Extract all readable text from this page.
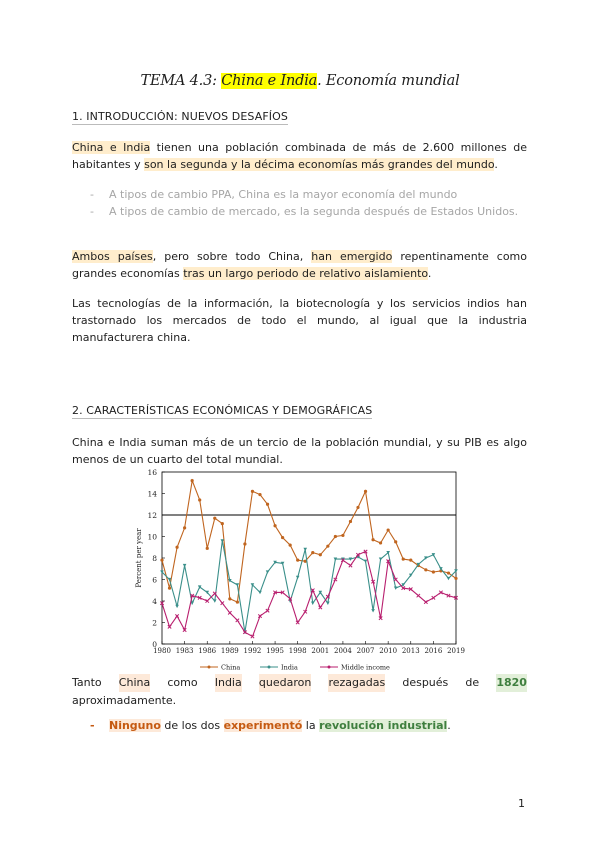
TEMA 4.3: China e India. Economía mundial
1. INTRODUCCIÓN: NUEVOS DESAFÍOS

China e India tienen una población combinada de más de 2.600 millones de habitantes y son la segunda y la décima economías más grandes del mundo.

- A tipos de cambio PPA, China es la mayor economía del mundo
- A tipos de cambio de mercado, es la segunda después de Estados Unidos.

Ambos países, pero sobre todo China, han emergido repentinamente como grandes economías tras un largo periodo de relativo aislamiento.

Las tecnologías de la información, la biotecnología y los servicios indios han trastornado los mercados de todo el mundo, al igual que la industria manufacturera china.

2. CARACTERÍSTICAS ECONÓMICAS Y DEMOGRÁFICAS

China e India suman más de un tercio de la población mundial, y su PIB es algo menos de un cuarto del total mundial.

0
2
4
6
8
10
12
14
16
Percent per year
1980 1983 1986 1989 1992 1995 1998 2001 2004 2007 2010 2013 2016 2019
China	India	Middle income
Tanto China como India quedaron rezagadas después de 1820
aproximadamente.
- Ninguno de los dos experimentó la revolución industrial.
1
